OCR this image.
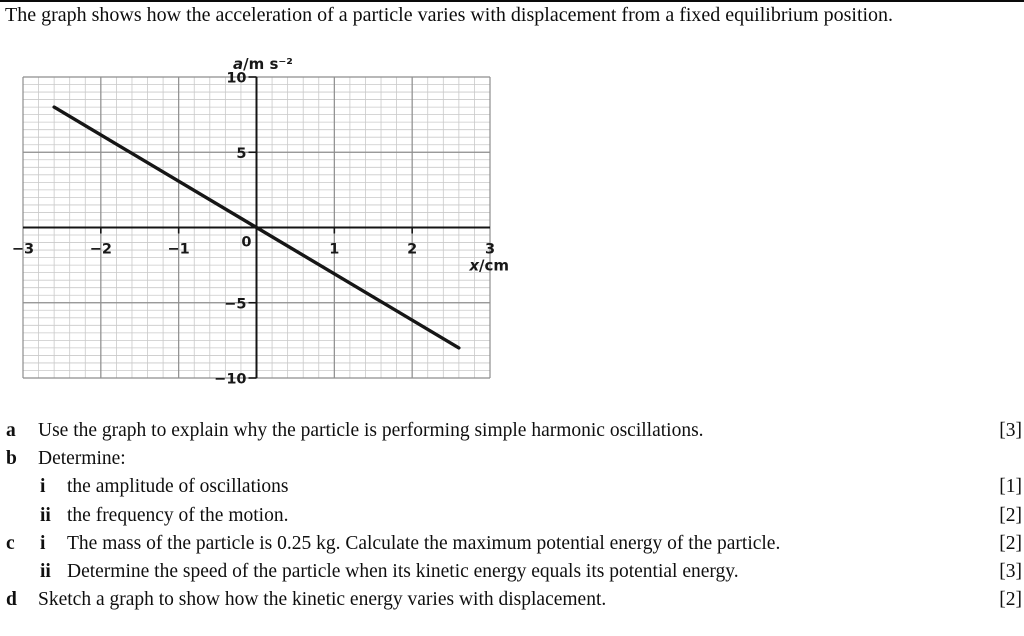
The graph shows how the acceleration of a particle varies with displacement from a fixed equilibrium position.

10
5
−5
−10
−3	−2	−1	1	2	3
0
a/m s⁻²
x/cm
a	Use the graph to explain why the particle is performing simple harmonic oscillations.	[3]
b	Determine:
i	the amplitude of oscillations	[1]
ii the frequency of the motion.	[2]
c	i	The mass of the particle is 0.25 kg. Calculate the maximum potential energy of the particle.	[2]
ii Determine the speed of the particle when its kinetic energy equals its potential energy.	[3]
d	Sketch a graph to show how the kinetic energy varies with displacement.	[2]
